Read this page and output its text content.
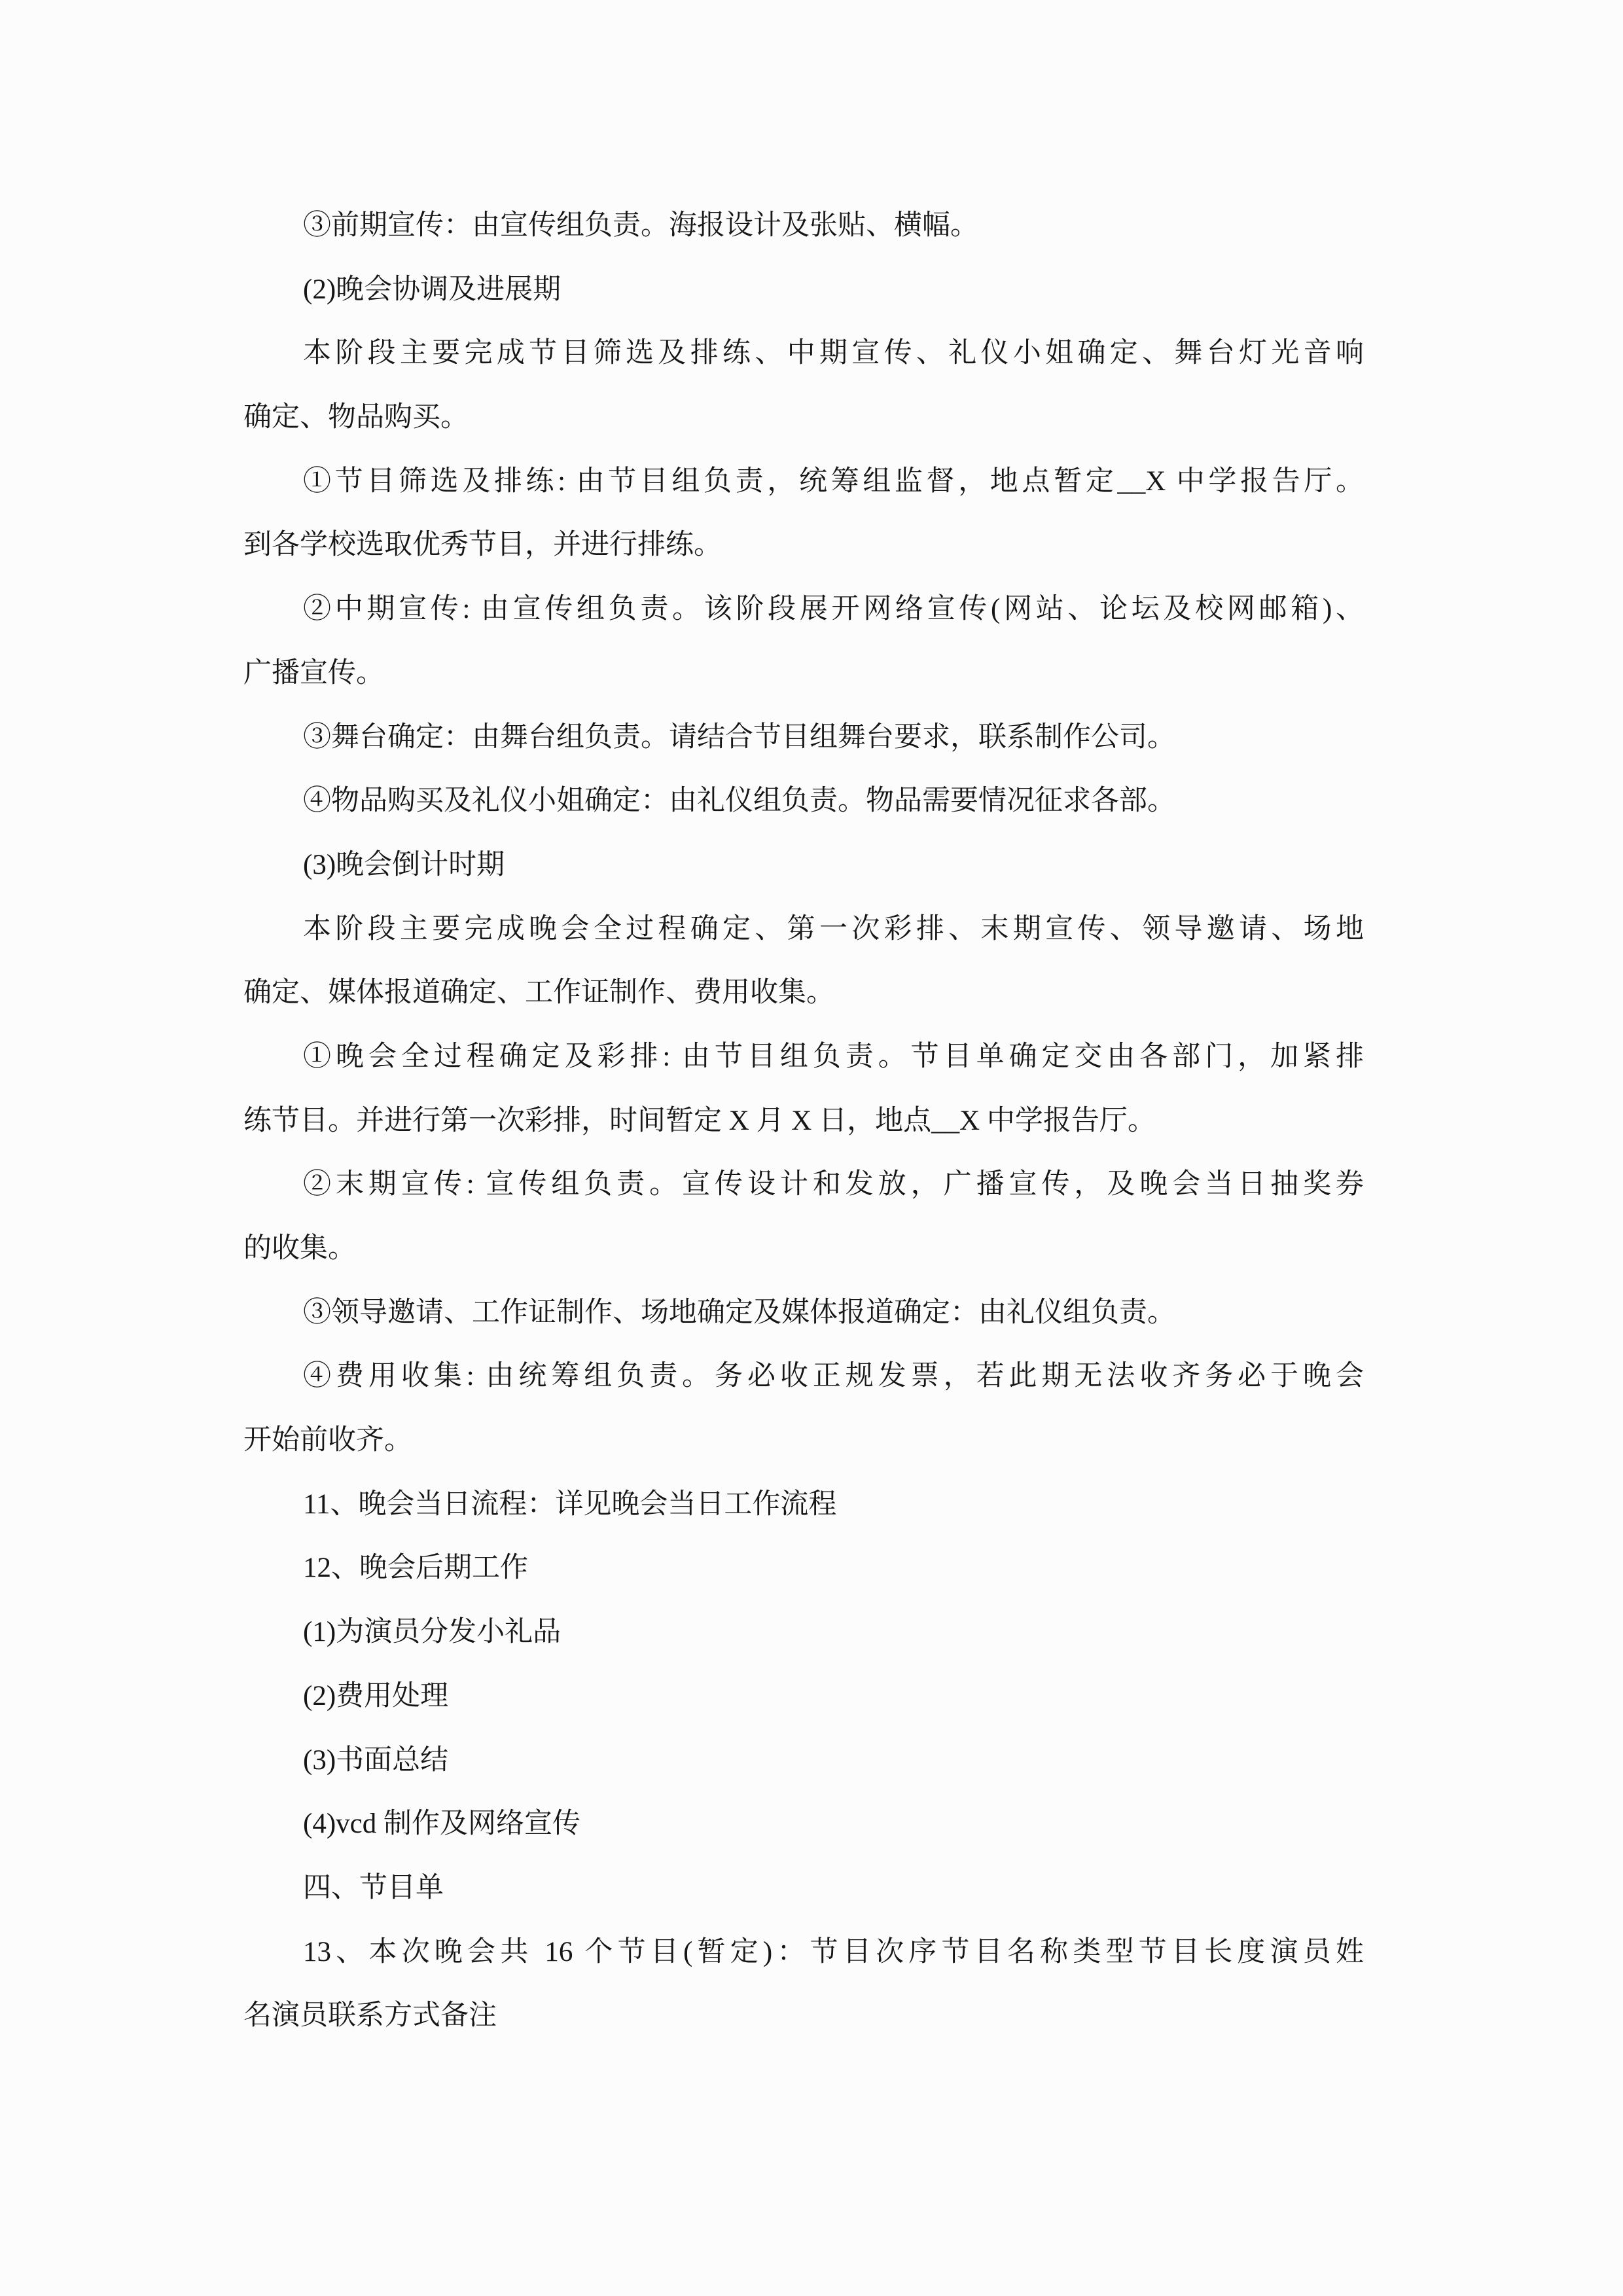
③前期宣传：由宣传组负责。海报设计及张贴、横幅。
(2)晚会协调及进展期
本阶段主要完成节目筛选及排练、中期宣传、礼仪小姐确定、舞台灯光音响
确定、物品购买。
①节目筛选及排练: 由节目组负责，统筹组监督，地点暂定__X 中学报告厅。
到各学校选取优秀节目，并进行排练。
②中期宣传: 由宣传组负责。该阶段展开网络宣传(网站、论坛及校网邮箱)、
广播宣传。
③舞台确定：由舞台组负责。请结合节目组舞台要求，联系制作公司。
④物品购买及礼仪小姐确定：由礼仪组负责。物品需要情况征求各部。
(3)晚会倒计时期
本阶段主要完成晚会全过程确定、第一次彩排、末期宣传、领导邀请、场地
确定、媒体报道确定、工作证制作、费用收集。
①晚会全过程确定及彩排: 由节目组负责。节目单确定交由各部门，加紧排
练节目。并进行第一次彩排，时间暂定 X 月 X 日，地点__X 中学报告厅。
②末期宣传: 宣传组负责。宣传设计和发放，广播宣传，及晚会当日抽奖券
的收集。
③领导邀请、工作证制作、场地确定及媒体报道确定：由礼仪组负责。
④费用收集: 由统筹组负责。务必收正规发票，若此期无法收齐务必于晚会
开始前收齐。
11、晚会当日流程：详见晚会当日工作流程
12、晚会后期工作
(1)为演员分发小礼品
(2)费用处理
(3)书面总结
(4)vcd 制作及网络宣传
四、节目单
13、本次晚会共 16 个节目(暂定)：节目次序节目名称类型节目长度演员姓
名演员联系方式备注
